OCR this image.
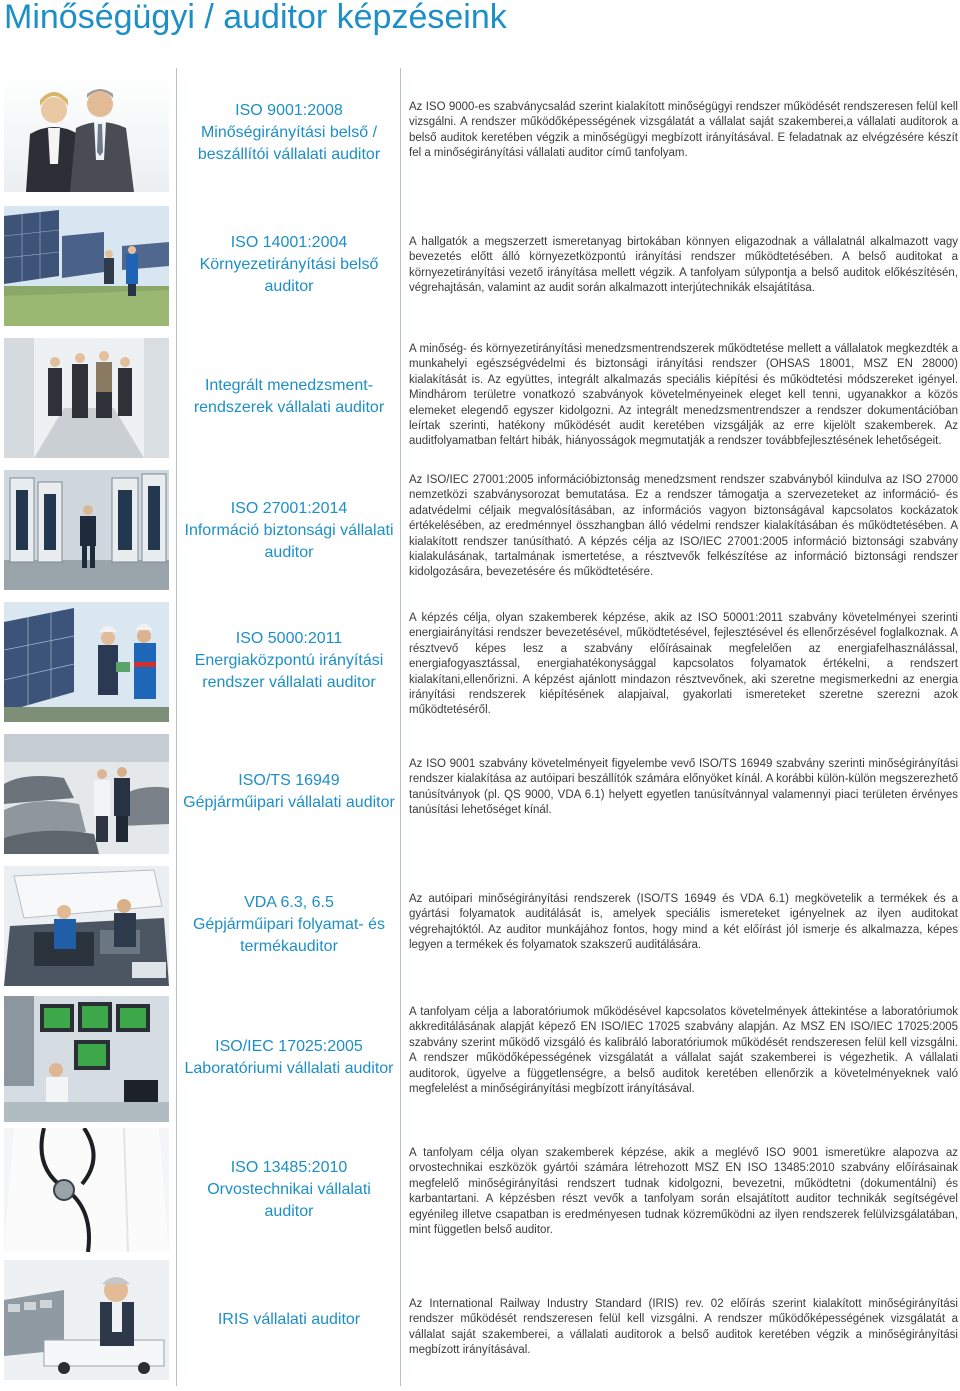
Minőségügyi / auditor képzéseink
ISO 9001:2008
Minőségirányítási belső /
beszállítói vállalati auditor

Az ISO 9000-es szabványcsalád szerint kialakított minőségügyi rendszer működését rendszeresen felül kell vizsgálni. A rendszer működőképességének vizsgálatát a vállalat saját szakemberei,a vállalati auditorok a belső auditok keretében végzik a minőségügyi megbízott irányításával. E feladatnak az elvégzésére készít fel a minőségirányítási vállalati auditor című tanfolyam.

ISO 14001:2004
Környezetirányítási belső
auditor

A hallgatók a megszerzett ismeretanyag birtokában könnyen eligazodnak a vállalatnál alkalmazott vagy bevezetés előtt álló környezetközpontú irányítási rendszer működtetésében. A belső auditokat a környezetirányítási vezető irányítása mellett végzik. A tanfolyam súlypontja a belső auditok előkészítésén, végrehajtásán, valamint az audit során alkalmazott interjútechnikák elsajátítása.

Integrált menedzsment-
rendszerek vállalati auditor

A minőség- és környezetirányítási menedzsmentrendszerek működtetése mellett a vállalatok megkezdték a munkahelyi egészségvédelmi és biztonsági irányítási rendszer (OHSAS 18001, MSZ EN 28000) kialakítását is. Az együttes, integrált alkalmazás speciális kiépítési és működtetési módszereket igényel. Mindhárom területre vonatkozó szabványok követelményeinek eleget kell tenni, ugyanakkor a közös elemeket elegendő egyszer kidolgozni. Az integrált menedzsmentrendszer a rendszer dokumentációban leírtak szerinti, hatékony működését audit keretében vizsgálják az erre kijelölt szakemberek. Az auditfolyamatban feltárt hibák, hiányosságok megmutatják a rendszer továbbfejlesztésének lehetőségeit.

ISO 27001:2014
Információ biztonsági vállalati
auditor

Az ISO/IEC 27001:2005 információbiztonság menedzsment rendszer szabványból kiindulva az ISO 27000 nemzetközi szabványsorozat bemutatása. Ez a rendszer támogatja a szervezeteket az információ- és adatvédelmi céljaik megvalósításában, az információs vagyon biztonságával kapcsolatos kockázatok értékelésében, az eredménnyel összhangban álló védelmi rendszer kialakításában és működtetésében. A kialakított rendszer tanúsítható. A képzés célja az ISO/IEC 27001:2005 információ biztonsági szabvány kialakulásának, tartalmának ismertetése, a résztvevők felkészítése az információ biztonsági rendszer kidolgozására, bevezetésére és működtetésére.

ISO 5000:2011
Energiaközpontú irányítási
rendszer vállalati auditor

A képzés célja, olyan szakemberek képzése, akik az ISO 50001:2011 szabvány követelményei szerinti energiairányítási rendszer bevezetésével, működtetésével, fejlesztésével és ellenőrzésével foglalkoznak. A résztvevő képes lesz a szabvány előírásainak megfelelően az energiafelhasználással, energiafogyasztással, energiahatékonysággal kapcsolatos folyamatok értékelni, a rendszert kialakítani,ellenőrizni. A képzést ajánlott mindazon résztvevőnek, aki szeretne megismerkedni az energia irányítási rendszerek kiépítésének alapjaival, gyakorlati ismereteket szeretne szerezni azok működtetéséről.

ISO/TS 16949
Gépjárműipari vállalati auditor

Az ISO 9001 szabvány követelményeit figyelembe vevő ISO/TS 16949 szabvány szerinti minőségirányítási rendszer kialakítása az autóipari beszállítók számára előnyöket kínál. A korábbi külön-külön megszerezhető tanúsítványok (pl. QS 9000, VDA 6.1) helyett egyetlen tanúsítvánnyal valamennyi piaci területen érvényes tanúsítási lehetőséget kínál.

VDA 6.3, 6.5
Gépjárműipari folyamat- és
termékauditor

Az autóipari minőségirányítási rendszerek (ISO/TS 16949 és VDA 6.1) megkövetelik a termékek és a gyártási folyamatok auditálását is, amelyek speciális ismereteket igényelnek az ilyen auditokat végrehajtóktól. Az auditor munkájához fontos, hogy mind a két előírást jól ismerje és alkalmazza, képes legyen a termékek és folyamatok szakszerű auditálására.

ISO/IEC 17025:2005
Laboratóriumi vállalati auditor

A tanfolyam célja a laboratóriumok működésével kapcsolatos követelmények áttekintése a laboratóriumok akkreditálásának alapját képező EN ISO/IEC 17025 szabvány alapján. Az MSZ EN ISO/IEC 17025:2005 szabvány szerint működő vizsgáló és kalibráló laboratóriumok működését rendszeresen felül kell vizsgálni. A rendszer működőképességének vizsgálatát a vállalat saját szakemberei is végezhetik. A vállalati auditorok, ügyelve a függetlenségre, a belső auditok keretében ellenőrzik a követelményeknek való megfelelést a minőségirányítási megbízott irányításával.

ISO 13485:2010
Orvostechnikai vállalati auditor

A tanfolyam célja olyan szakemberek képzése, akik a meglévő ISO 9001 ismeretükre alapozva az orvostechnikai eszközök gyártói számára létrehozott MSZ EN ISO 13485:2010 szabvány előírásainak megfelelő minőségirányítási rendszert tudnak kidolgozni, bevezetni, működtetni (dokumentálni) és karbantartani. A képzésben részt vevők a tanfolyam során elsajátított auditor technikák segítségével egyénileg illetve csapatban is eredményesen tudnak közreműködni az ilyen rendszerek felülvizsgálatában, mint független belső auditor.

IRIS vállalati auditor

Az International Railway Industry Standard (IRIS) rev. 02 előírás szerint kialakított minőségirányítási rendszer működését rendszeresen felül kell vizsgálni. A rendszer működőképességének vizsgálatát a vállalat saját szakemberei, a vállalati auditorok a belső auditok keretében végzik a minőségirányítási megbízott irányításával.
